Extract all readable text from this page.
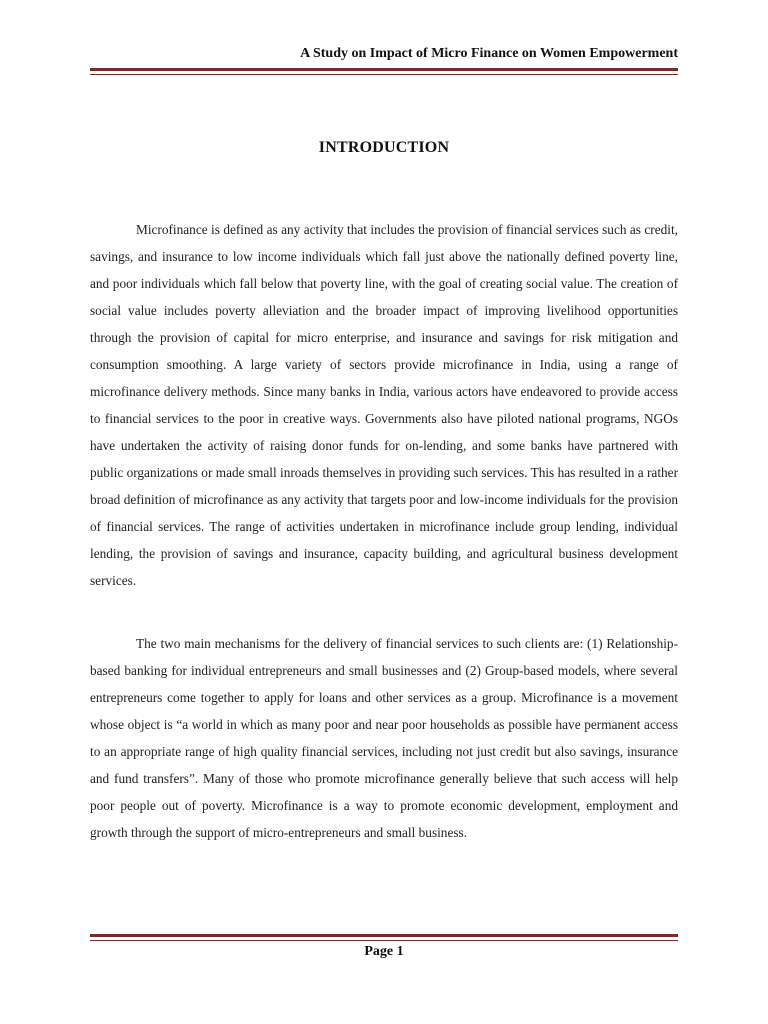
A Study on Impact of Micro Finance on Women Empowerment
INTRODUCTION

Microfinance is defined as any activity that includes the provision of financial services such as credit, savings, and insurance to low income individuals which fall just above the nationally defined poverty line, and poor individuals which fall below that poverty line, with the goal of creating social value. The creation of social value includes poverty alleviation and the broader impact of improving livelihood opportunities through the provision of capital for micro enterprise, and insurance and savings for risk mitigation and consumption smoothing. A large variety of sectors provide microfinance in India, using a range of microfinance delivery methods. Since many banks in India, various actors have endeavored to provide access to financial services to the poor in creative ways. Governments also have piloted national programs, NGOs have undertaken the activity of raising donor funds for on-lending, and some banks have partnered with public organizations or made small inroads themselves in providing such services. This has resulted in a rather broad definition of microfinance as any activity that targets poor and low-income individuals for the provision of financial services. The range of activities undertaken in microfinance include group lending, individual lending, the provision of savings and insurance, capacity building, and agricultural business development services.

The two main mechanisms for the delivery of financial services to such clients are: (1) Relationship-based banking for individual entrepreneurs and small businesses and (2) Group-based models, where several entrepreneurs come together to apply for loans and other services as a group. Microfinance is a movement whose object is “a world in which as many poor and near poor households as possible have permanent access to an appropriate range of high quality financial services, including not just credit but also savings, insurance and fund transfers”. Many of those who promote microfinance generally believe that such access will help poor people out of poverty. Microfinance is a way to promote economic development, employment and growth through the support of micro-entrepreneurs and small business.

Page 1
